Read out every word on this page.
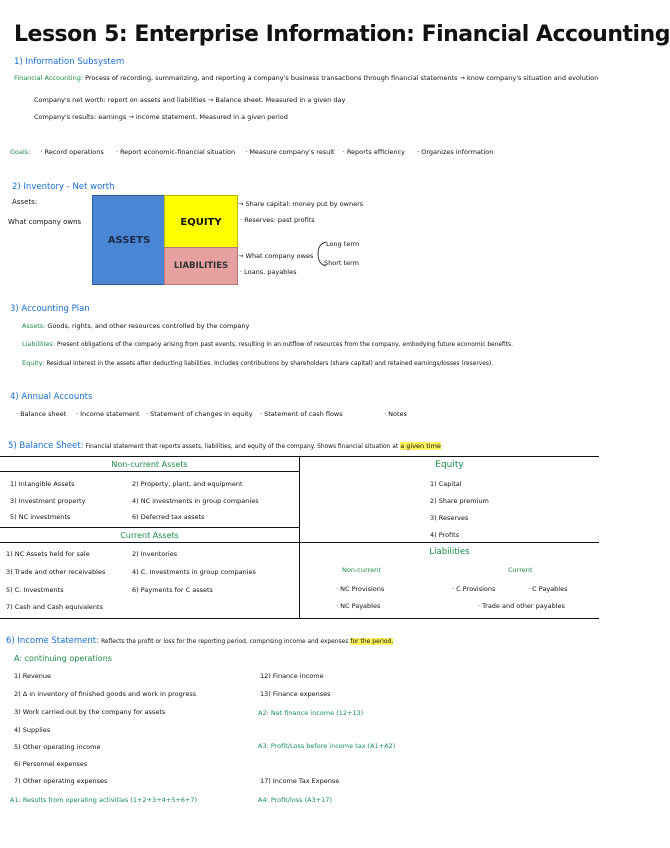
Lesson 5: Enterprise Information: Financial Accounting
1) Information Subsystem
Financial Accounting: Process of recording, summarizing, and reporting a company's business transactions through financial statements → know company's situation and evolution
Company's net worth: report on assets and liabilities → Balance sheet. Measured in a given day
Company's results: earnings → income statement. Measured in a given period
Goals: · Record operations · Report economic-financial situation · Measure company's result · Reports efficiency · Organizes information
2) Inventory - Net worth
Assets:
What company owns
ASSETS
EQUITY
LIABILITIES
→ Share capital: money put by owners
· Reserves: past profits
→ What company owes
· Loans, payables
Long term
Short term
3) Accounting Plan
Assets: Goods, rights, and other resources controlled by the company
Liabilities: Present obligations of the company arising from past events, resulting in an outflow of resources from the company, embodying future economic benefits.
Equity: Residual interest in the assets after deducting liabilities. Includes contributions by shareholders (share capital) and retained earnings/losses (reserves).
4) Annual Accounts
· Balance sheet · Income statement · Statement of changes in equity · Statement of cash flows	· Notes
5) Balance Sheet: Financial statement that reports assets, liabilities, and equity of the company. Shows financial situation at a given time
Non-current Assets
1) Intangible Assets
3) Investment property
5) NC investments
2) Property, plant, and equipment
4) NC investments in group companies
6) Deferred tax assets
Current Assets
1) NC Assets held for sale
3) Trade and other receivables
5) C. Investments
7) Cash and Cash equivalents
2) Inventories
4) C. Investments in group companies
6) Payments for C assets
Equity
1) Capital
2) Share premium
3) Reserves
4) Profits
Liabilities
Non-current
· NC Provisions
· NC Payables
Current
· C Provisions	· C Payables
· Trade and other payables
6) Income Statement: Reflects the profit or loss for the reporting period, comprising income and expenses for the period.
A: continuing operations
1) Revenue
2) Δ in inventory of finished goods and work in progress
3) Work carried out by the company for assets
4) Supplies
5) Other operating income
6) Personnel expenses
7) Other operating expenses
A1: Results from operating activities (1+2+3+4+5+6+7)
12) Finance income
13) Finance expenses
A2: Net finance income (12+13)
A3: Profit/Loss before income tax (A1+A2)
17) Income Tax Expense
A4: Profit/loss (A3+17)
